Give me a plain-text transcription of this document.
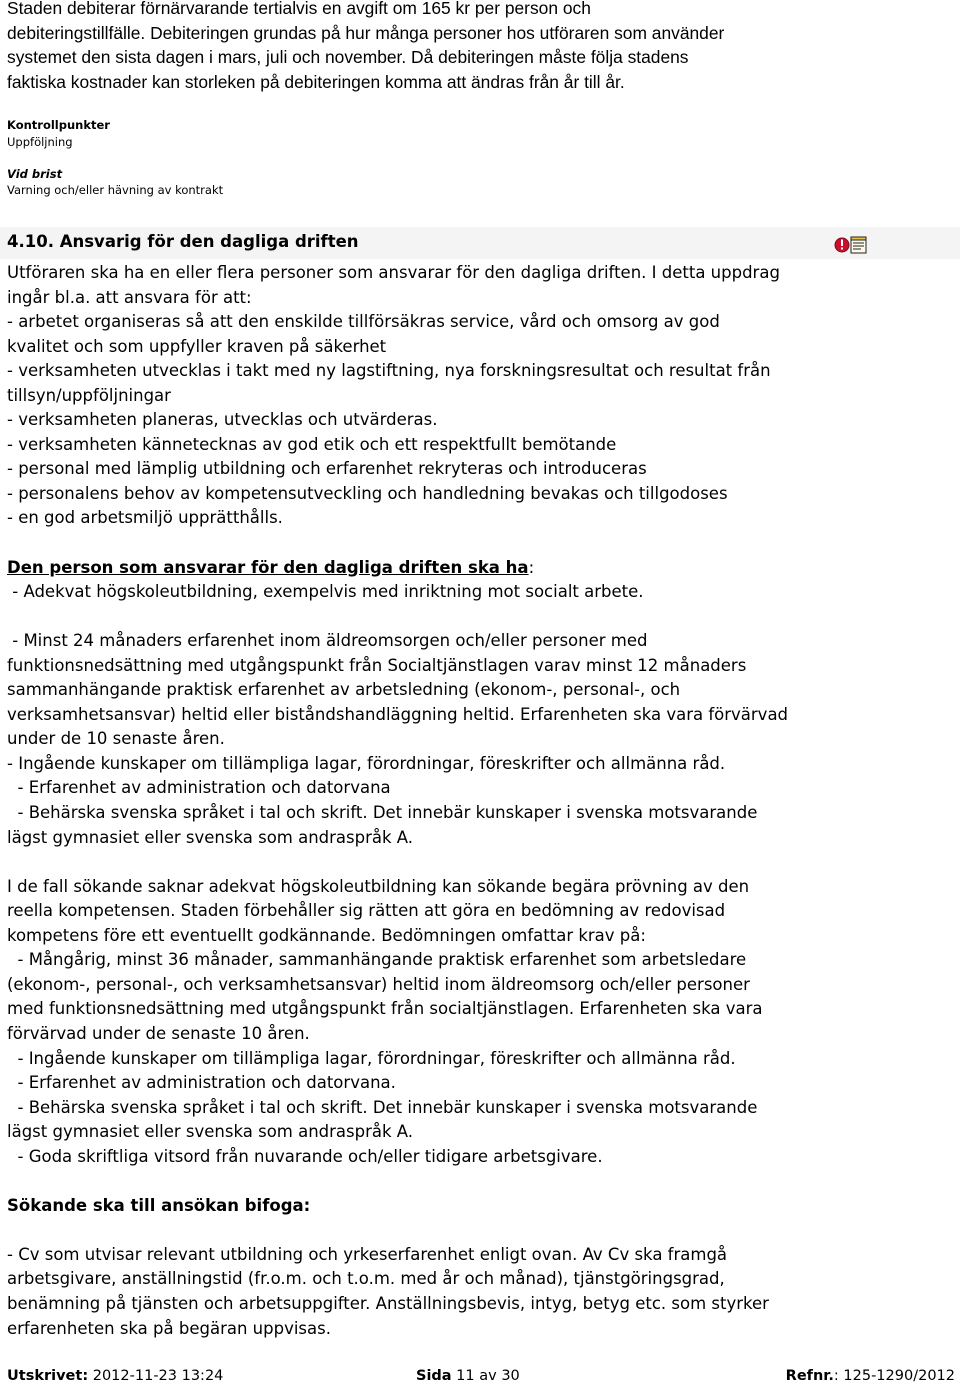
Staden debiterar förnärvarande tertialvis en avgift om 165 kr per person och
debiteringstillfälle. Debiteringen grundas på hur många personer hos utföraren som använder
systemet den sista dagen i mars, juli och november. Då debiteringen måste följa stadens
faktiska kostnader kan storleken på debiteringen komma att ändras från år till år.
Kontrollpunkter
Uppföljning
Vid brist
Varning och/eller hävning av kontrakt
4.10. Ansvarig för den dagliga driften

Utföraren ska ha en eller flera personer som ansvarar för den dagliga driften. I detta uppdrag

ingår bl.a. att ansvara för att:

- arbetet organiseras så att den enskilde tillförsäkras service, vård och omsorg av god

kvalitet och som uppfyller kraven på säkerhet

- verksamheten utvecklas i takt med ny lagstiftning, nya forskningsresultat och resultat från

tillsyn/uppföljningar

- verksamheten planeras, utvecklas och utvärderas.

- verksamheten kännetecknas av god etik och ett respektfullt bemötande

- personal med lämplig utbildning och erfarenhet rekryteras och introduceras

- personalens behov av kompetensutveckling och handledning bevakas och tillgodoses

- en god arbetsmiljö upprätthålls.

Den person som ansvarar för den dagliga driften ska ha:

- Adekvat högskoleutbildning, exempelvis med inriktning mot socialt arbete.

- Minst 24 månaders erfarenhet inom äldreomsorgen och/eller personer med

funktionsnedsättning med utgångspunkt från Socialtjänstlagen varav minst 12 månaders

sammanhängande praktisk erfarenhet av arbetsledning (ekonom-, personal-, och

verksamhetsansvar) heltid eller biståndshandläggning heltid. Erfarenheten ska vara förvärvad

under de 10 senaste åren.

- Ingående kunskaper om tillämpliga lagar, förordningar, föreskrifter och allmänna råd.

- Erfarenhet av administration och datorvana

- Behärska svenska språket i tal och skrift. Det innebär kunskaper i svenska motsvarande

lägst gymnasiet eller svenska som andraspråk A.

I de fall sökande saknar adekvat högskoleutbildning kan sökande begära prövning av den

reella kompetensen. Staden förbehåller sig rätten att göra en bedömning av redovisad

kompetens före ett eventuellt godkännande. Bedömningen omfattar krav på:

- Mångårig, minst 36 månader, sammanhängande praktisk erfarenhet som arbetsledare

(ekonom-, personal-, och verksamhetsansvar) heltid inom äldreomsorg och/eller personer

med funktionsnedsättning med utgångspunkt från socialtjänstlagen. Erfarenheten ska vara

förvärvad under de senaste 10 åren.

- Ingående kunskaper om tillämpliga lagar, förordningar, föreskrifter och allmänna råd.

- Erfarenhet av administration och datorvana.

- Behärska svenska språket i tal och skrift. Det innebär kunskaper i svenska motsvarande

lägst gymnasiet eller svenska som andraspråk A.

- Goda skriftliga vitsord från nuvarande och/eller tidigare arbetsgivare.

Sökande ska till ansökan bifoga:

- Cv som utvisar relevant utbildning och yrkeserfarenhet enligt ovan. Av Cv ska framgå

arbetsgivare, anställningstid (fr.o.m. och t.o.m. med år och månad), tjänstgöringsgrad,

benämning på tjänsten och arbetsuppgifter. Anställningsbevis, intyg, betyg etc. som styrker

erfarenheten ska på begäran uppvisas.

Utskrivet: 2012-11-23 13:24	Sida 11 av 30	Refnr.: 125-1290/2012
